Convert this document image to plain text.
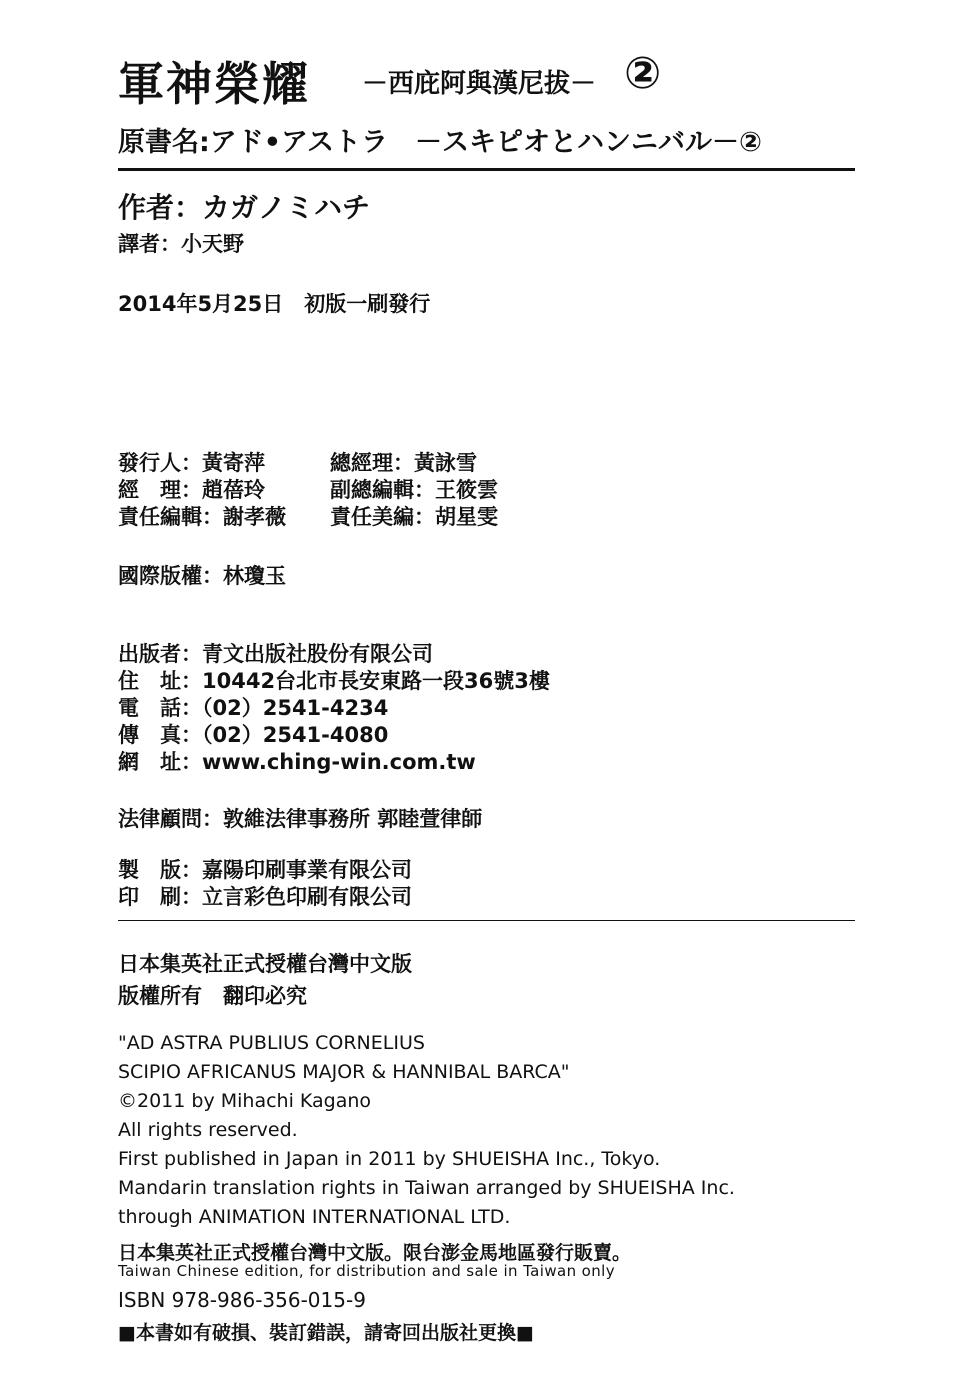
軍神榮耀 －西庇阿與漢尼拔－ ②
原書名:アド•アストラ　－スキピオとハンニバル－②
作者：カガノミハチ
譯者：小天野
2014年5月25日　初版一刷發行
發行人：黃寄萍	總經理：黃詠雪
經　理：趙蓓玲	副總編輯：王筱雲
責任編輯：謝孝薇 責任美編：胡星雯
國際版權：林瓊玉
出版者：青文出版社股份有限公司
住　址：10442台北市長安東路一段36號3樓
電　話：（02）2541-4234
傳　真：（02）2541-4080
網　址：www.ching-win.com.tw
法律顧問：敦維法律事務所 郭睦萱律師
製　版：嘉陽印刷事業有限公司
印　刷：立言彩色印刷有限公司
日本集英社正式授權台灣中文版
版權所有　翻印必究
"AD ASTRA PUBLIUS CORNELIUS
SCIPIO AFRICANUS MAJOR & HANNIBAL BARCA"
©2011 by Mihachi Kagano
All rights reserved.
First published in Japan in 2011 by SHUEISHA Inc., Tokyo.
Mandarin translation rights in Taiwan arranged by SHUEISHA Inc.
through ANIMATION INTERNATIONAL LTD.
日本集英社正式授權台灣中文版。限台澎金馬地區發行販賣。
Taiwan Chinese edition, for distribution and sale in Taiwan only
ISBN 978-986-356-015-9
■本書如有破損、裝訂錯誤，請寄回出版社更換■
